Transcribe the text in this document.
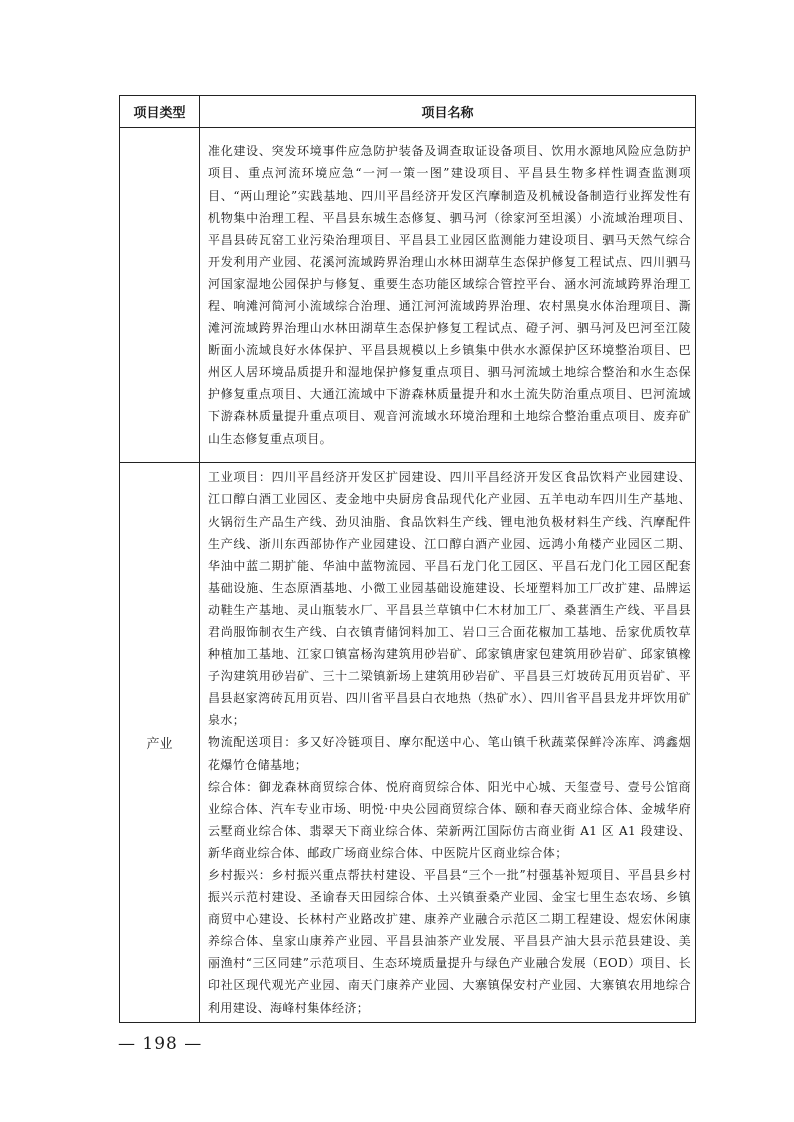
项目类型	项目名称

	准化建设、突发环境事件应急防护装备及调查取证设备项目、饮用水源地风险应急防护项目、重点河流环境应急“一河一策一图”建设项目、平昌县生物多样性调查监测项目、“两山理论”实践基地、四川平昌经济开发区汽摩制造及机械设备制造行业挥发性有机物集中治理工程、平昌县东城生态修复、驷马河（徐家河至坦溪）小流域治理项目、平昌县砖瓦窑工业污染治理项目、平昌县工业园区监测能力建设项目、驷马天然气综合开发利用产业园、花溪河流域跨界治理山水林田湖草生态保护修复工程试点、四川驷马河国家湿地公园保护与修复、重要生态功能区域综合管控平台、涵水河流域跨界治理工程、响滩河简河小流域综合治理、通江河河流域跨界治理、农村黑臭水体治理项目、澌滩河流域跨界治理山水林田湖草生态保护修复工程试点、磴子河、驷马河及巴河至江陵断面小流域良好水体保护、平昌县规模以上乡镇集中供水水源保护区环境整治项目、巴州区人居环境品质提升和湿地保护修复重点项目、驷马河流域土地综合整治和水生态保护修复重点项目、大通江流域中下游森林质量提升和水土流失防治重点项目、巴河流域下游森林质量提升重点项目、观音河流域水环境治理和土地综合整治重点项目、废弃矿山生态修复重点项目。

产业	工业项目：四川平昌经济开发区扩园建设、四川平昌经济开发区食品饮料产业园建设、江口醇白酒工业园区、麦金地中央厨房食品现代化产业园、五羊电动车四川生产基地、火锅衍生产品生产线、劲贝油脂、食品饮料生产线、锂电池负极材料生产线、汽摩配件生产线、浙川东西部协作产业园建设、江口醇白酒产业园、远鸿小角楼产业园区二期、华油中蓝二期扩能、华油中蓝物流园、平昌石龙门化工园区、平昌石龙门化工园区配套基础设施、生态原酒基地、小微工业园基础设施建设、长垭塑料加工厂改扩建、品牌运动鞋生产基地、灵山瓶装水厂、平昌县兰草镇中仁木材加工厂、桑葚酒生产线、平昌县君尚服饰制衣生产线、白衣镇青储饲料加工、岩口三合面花椒加工基地、岳家优质牧草种植加工基地、江家口镇富杨沟建筑用砂岩矿、邱家镇唐家包建筑用砂岩矿、邱家镇橡子沟建筑用砂岩矿、三十二梁镇新场上建筑用砂岩矿、平昌县三灯坡砖瓦用页岩矿、平昌县赵家湾砖瓦用页岩、四川省平昌县白衣地热（热矿水）、四川省平昌县龙井坪饮用矿泉水；

物流配送项目：多又好冷链项目、摩尔配送中心、笔山镇千秋蔬菜保鲜冷冻库、鸿鑫烟花爆竹仓储基地；

综合体：御龙森林商贸综合体、悦府商贸综合体、阳光中心城、天玺壹号、壹号公馆商业综合体、汽车专业市场、明悦·中央公园商贸综合体、颐和春天商业综合体、金城华府云墅商业综合体、翡翠天下商业综合体、荣新两江国际仿古商业街 A1 区 A1 段建设、新华商业综合体、邮政广场商业综合体、中医院片区商业综合体；

乡村振兴：乡村振兴重点帮扶村建设、平昌县“三个一批”村强基补短项目、平昌县乡村振兴示范村建设、圣谕春天田园综合体、土兴镇蚕桑产业园、金宝七里生态农场、乡镇商贸中心建设、长林村产业路改扩建、康养产业融合示范区二期工程建设、煜宏休闲康养综合体、皇家山康养产业园、平昌县油茶产业发展、平昌县产油大县示范县建设、美丽渔村“三区同建”示范项目、生态环境质量提升与绿色产业融合发展（EOD）项目、长印社区现代观光产业园、南天门康养产业园、大寨镇保安村产业园、大寨镇农用地综合利用建设、海峰村集体经济；

— 198 —
